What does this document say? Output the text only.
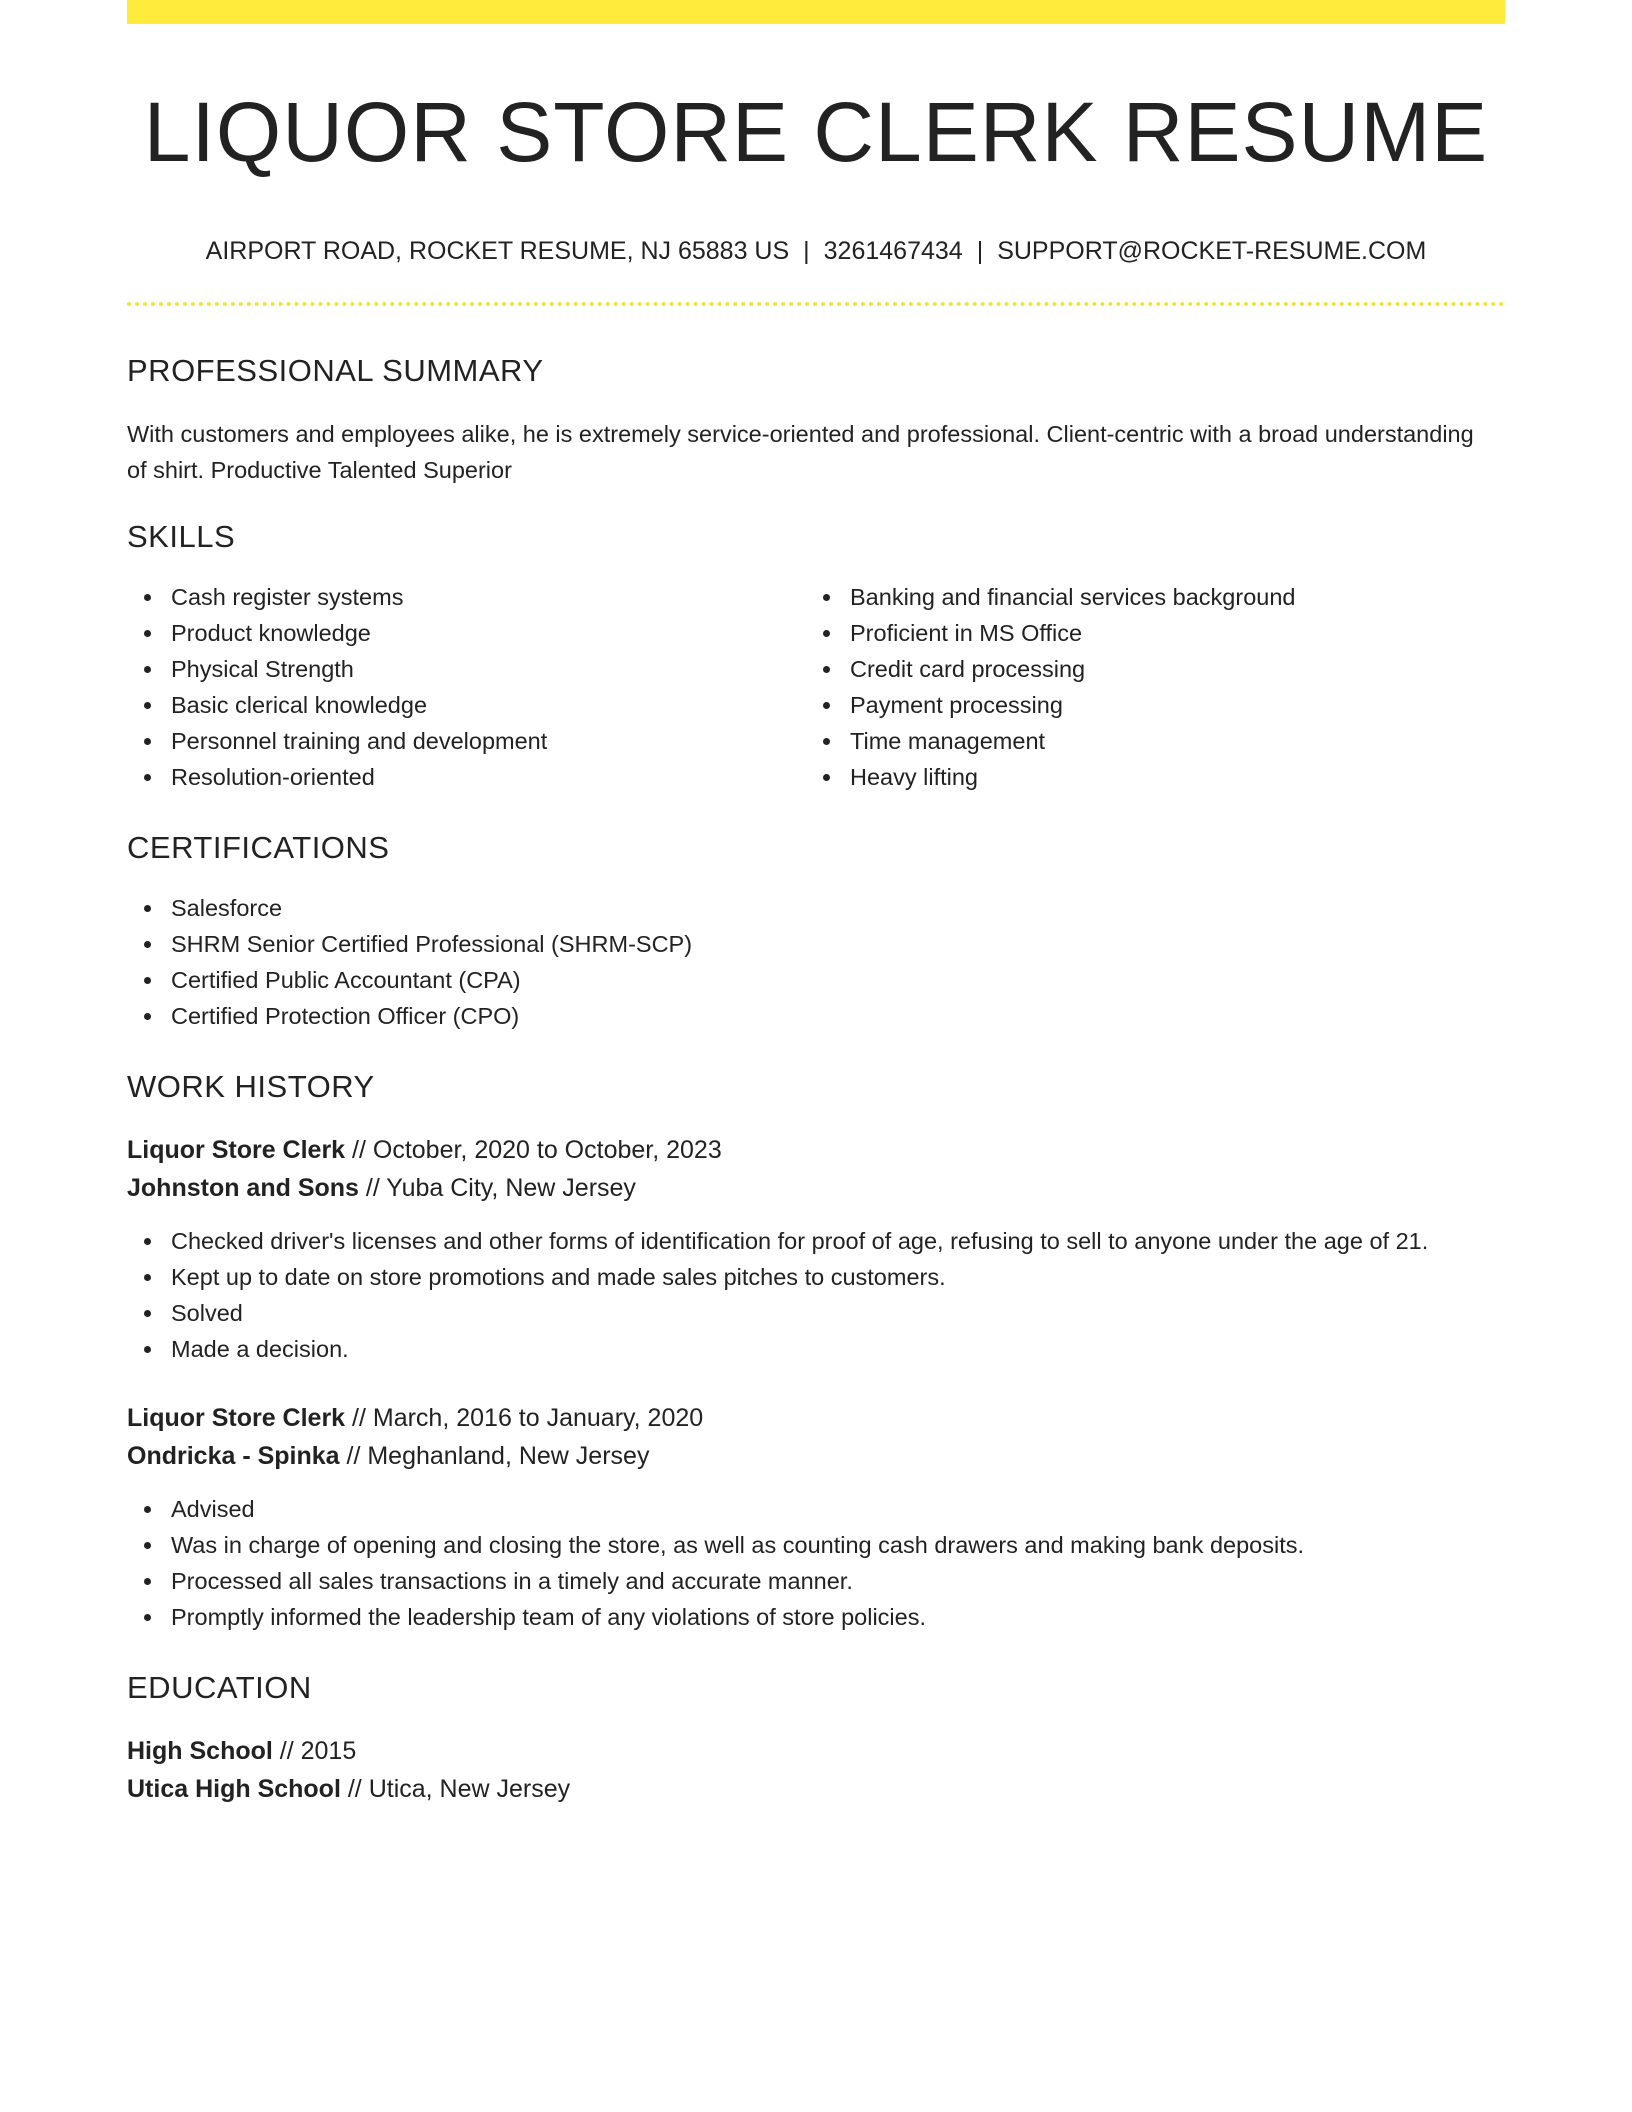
LIQUOR STORE CLERK RESUME
AIRPORT ROAD, ROCKET RESUME, NJ 65883 US | 3261467434 | SUPPORT@ROCKET-RESUME.COM
PROFESSIONAL SUMMARY
With customers and employees alike, he is extremely service-oriented and professional. Client-centric with a broad understanding of shirt. Productive Talented Superior
SKILLS
Cash register systems
Product knowledge
Physical Strength
Basic clerical knowledge
Personnel training and development
Resolution-oriented
Banking and financial services background
Proficient in MS Office
Credit card processing
Payment processing
Time management
Heavy lifting
CERTIFICATIONS
Salesforce
SHRM Senior Certified Professional (SHRM-SCP)
Certified Public Accountant (CPA)
Certified Protection Officer (CPO)
WORK HISTORY
Liquor Store Clerk // October, 2020 to October, 2023
Johnston and Sons // Yuba City, New Jersey
Checked driver's licenses and other forms of identification for proof of age, refusing to sell to anyone under the age of 21.
Kept up to date on store promotions and made sales pitches to customers.
Solved
Made a decision.
Liquor Store Clerk // March, 2016 to January, 2020
Ondricka - Spinka // Meghanland, New Jersey
Advised
Was in charge of opening and closing the store, as well as counting cash drawers and making bank deposits.
Processed all sales transactions in a timely and accurate manner.
Promptly informed the leadership team of any violations of store policies.
EDUCATION
High School // 2015
Utica High School // Utica, New Jersey
